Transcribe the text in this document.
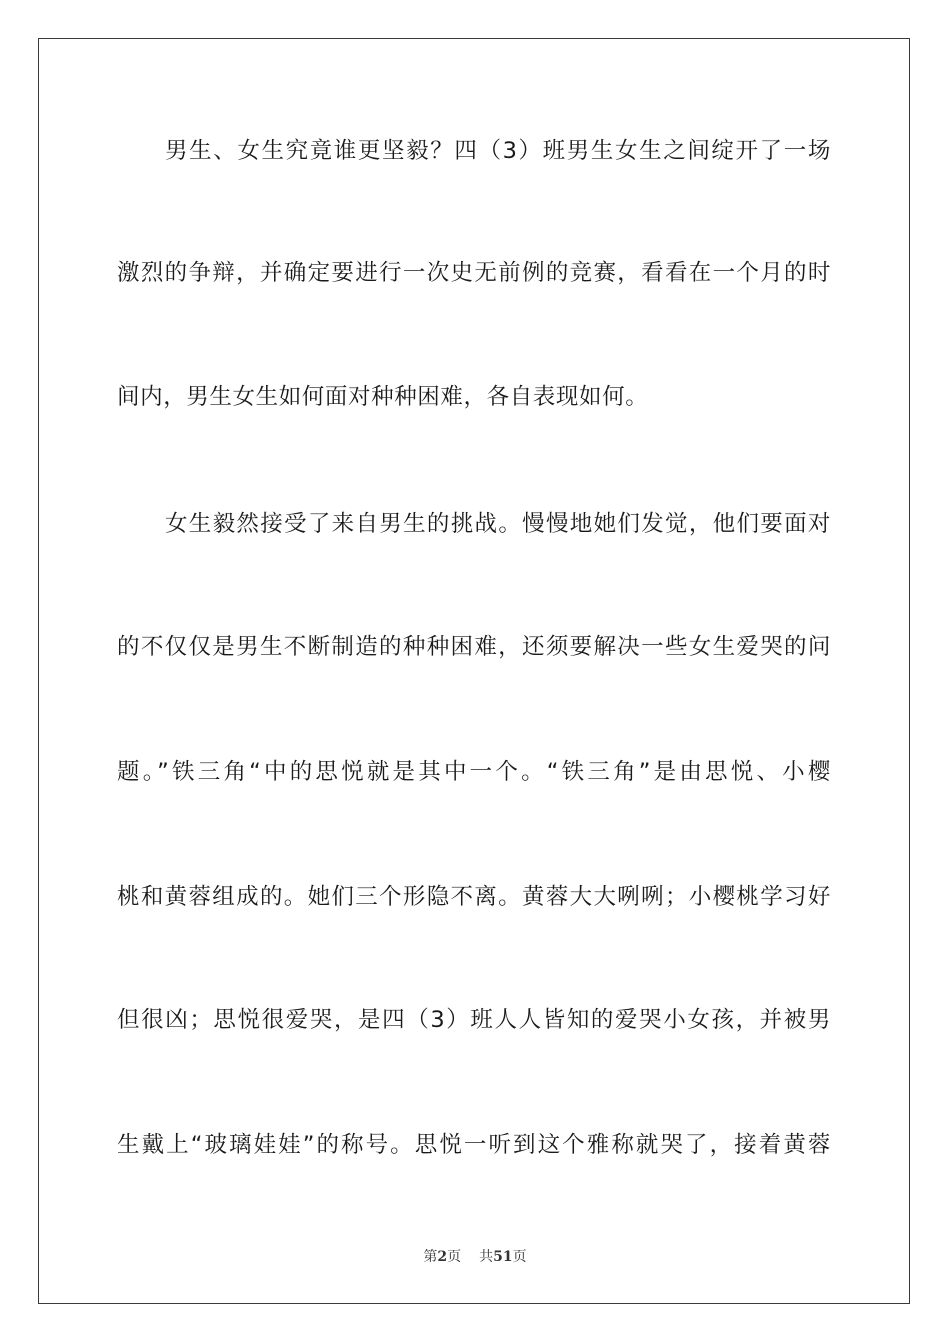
男生、女生究竟谁更坚毅？四（3）班男生女生之间绽开了一场
激烈的争辩，并确定要进行一次史无前例的竞赛，看看在一个月的时
间内，男生女生如何面对种种困难，各自表现如何。
女生毅然接受了来自男生的挑战。慢慢地她们发觉，他们要面对
的不仅仅是男生不断制造的种种困难，还须要解决一些女生爱哭的问
题。”铁三角“中的思悦就是其中一个。“铁三角”是由思悦、小樱
桃和黄蓉组成的。她们三个形隐不离。黄蓉大大咧咧；小樱桃学习好
但很凶；思悦很爱哭，是四（3）班人人皆知的爱哭小女孩，并被男
生戴上“玻璃娃娃”的称号。思悦一听到这个雅称就哭了，接着黄蓉
第2页 共51页
